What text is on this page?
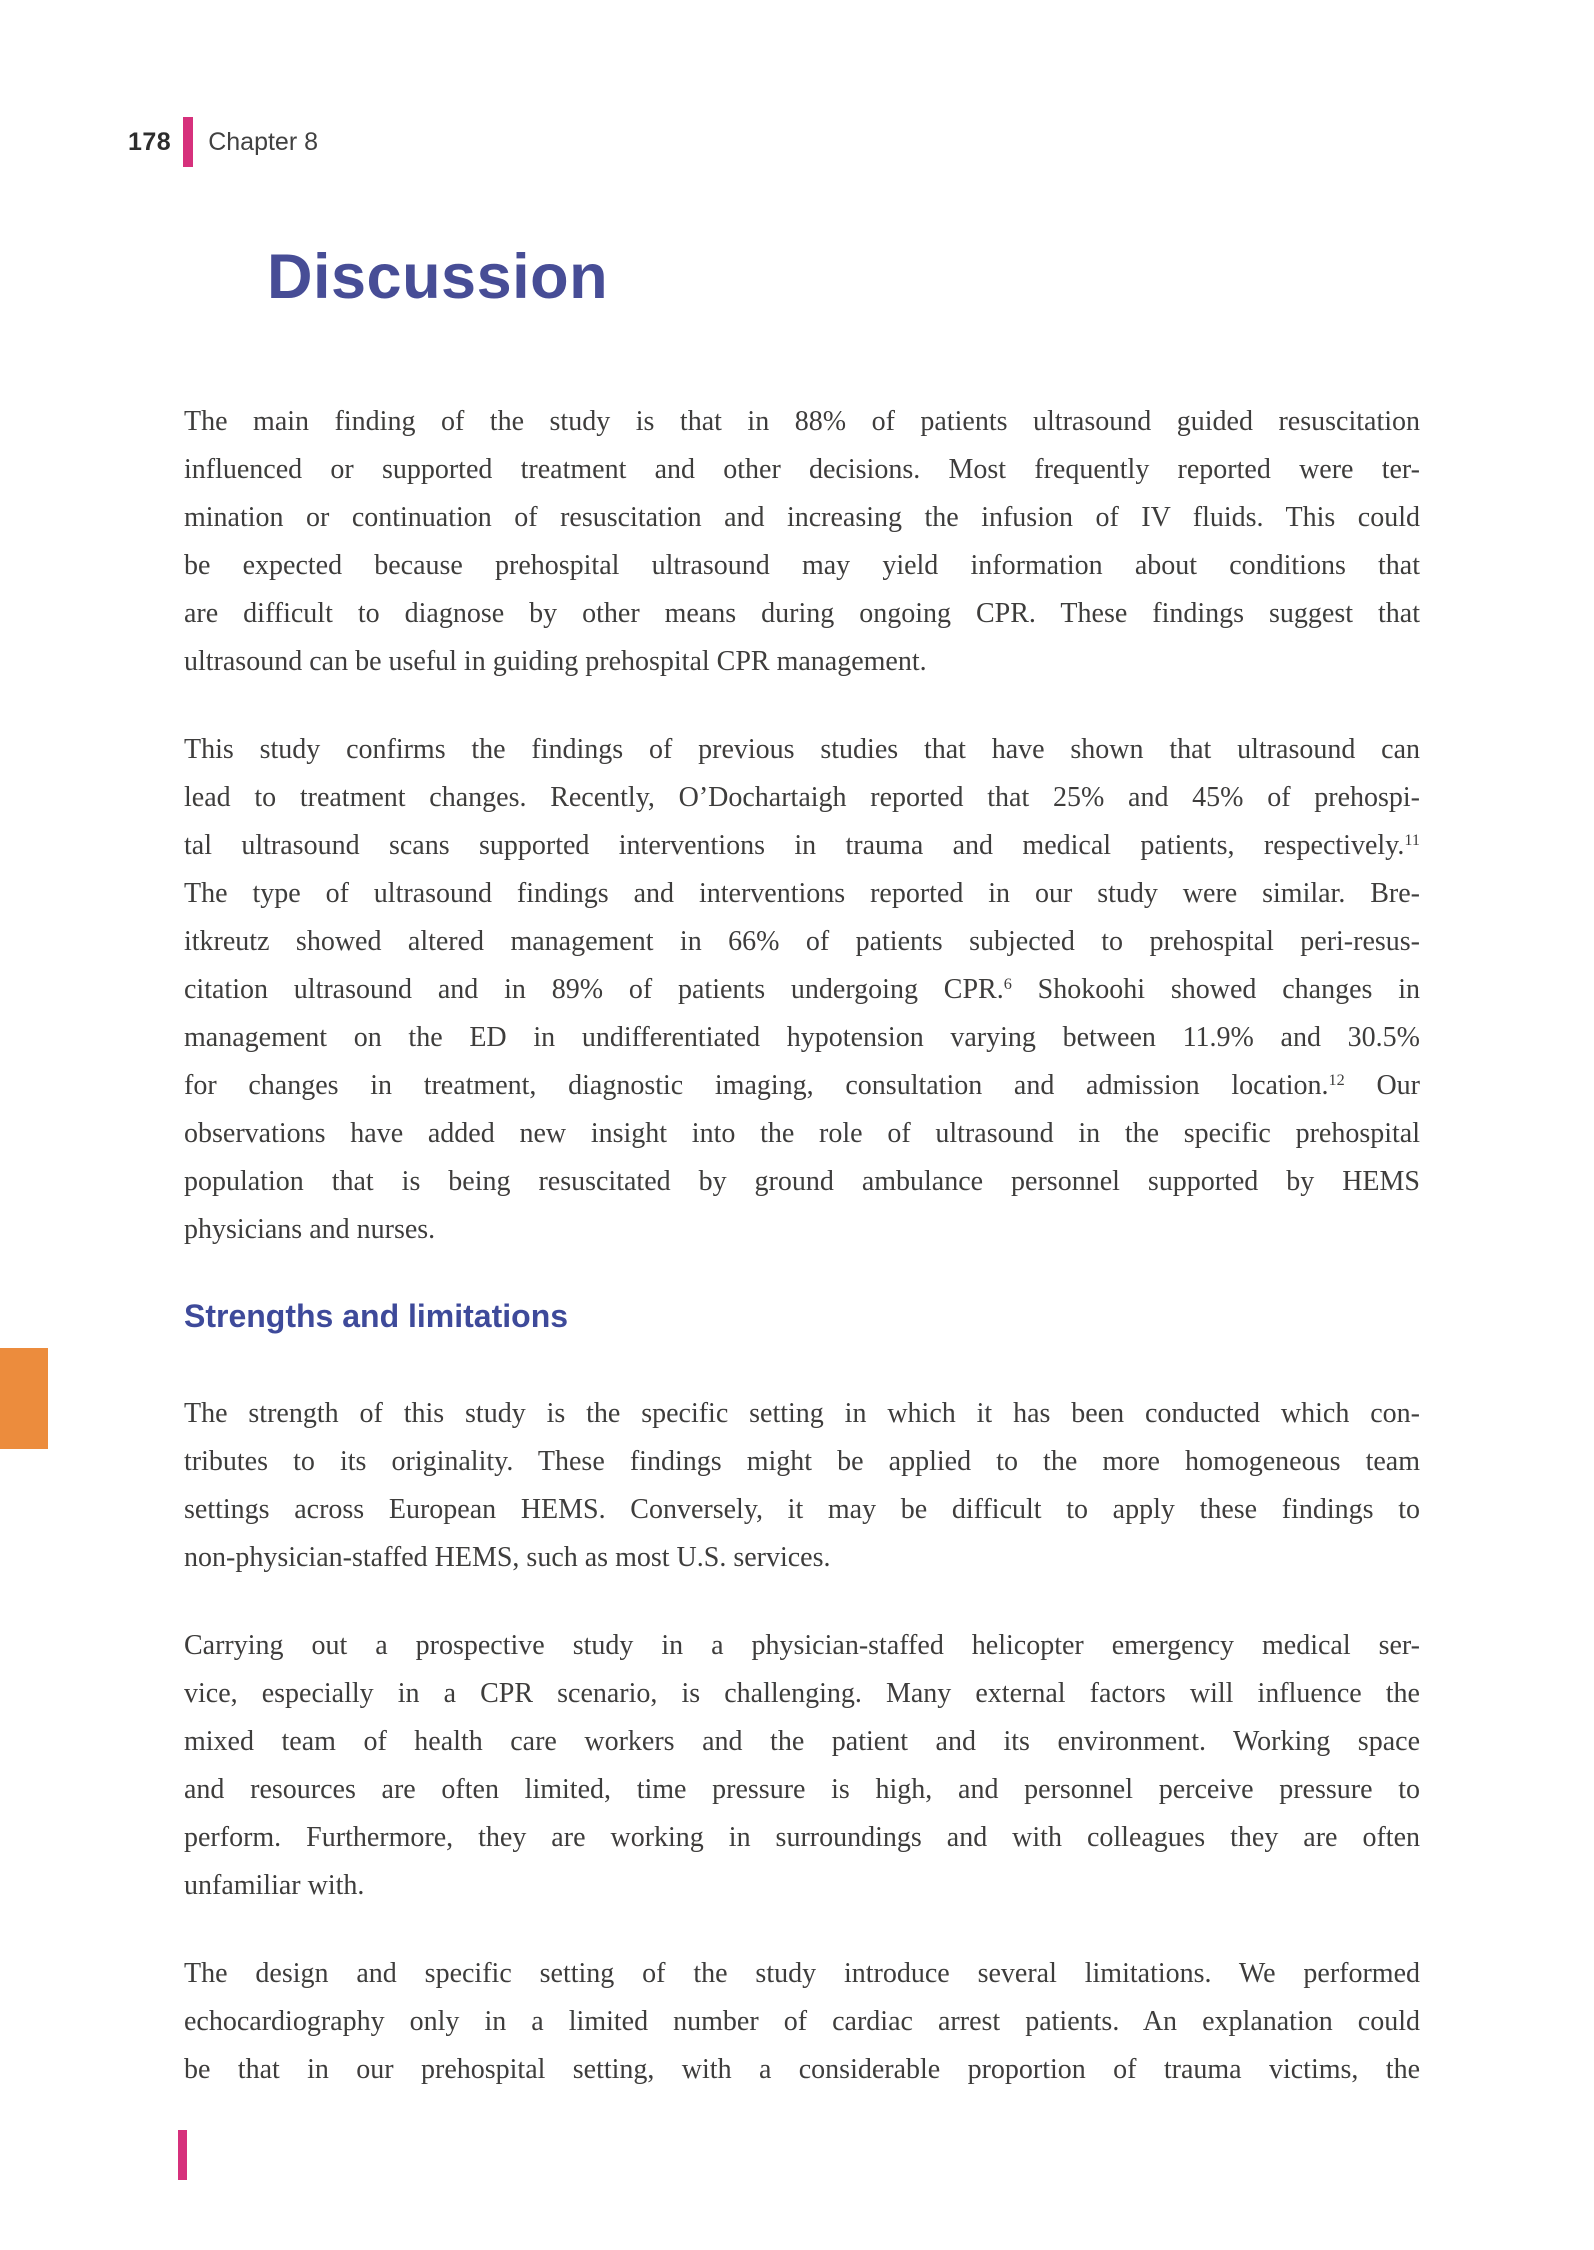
178 Chapter 8
Discussion
The main finding of the study is that in 88% of patients ultrasound guided resuscitation
influenced or supported treatment and other decisions. Most frequently reported were ter-
mination or continuation of resuscitation and increasing the infusion of IV fluids. This could
be expected because prehospital ultrasound may yield information about conditions that
are difficult to diagnose by other means during ongoing CPR. These findings suggest that
ultrasound can be useful in guiding prehospital CPR management.
This study confirms the findings of previous studies that have shown that ultrasound can
lead to treatment changes. Recently, O’Dochartaigh reported that 25% and 45% of prehospi-
tal ultrasound scans supported interventions in trauma and medical patients, respectively.$^{11}$
The type of ultrasound findings and interventions reported in our study were similar. Bre-
itkreutz showed altered management in 66% of patients subjected to prehospital peri-resus-
citation ultrasound and in 89% of patients undergoing CPR.$^6$ Shokoohi showed changes in
management on the ED in undifferentiated hypotension varying between 11.9% and 30.5%
for changes in treatment, diagnostic imaging, consultation and admission location.$^{12}$ Our
observations have added new insight into the role of ultrasound in the specific prehospital
population that is being resuscitated by ground ambulance personnel supported by HEMS
physicians and nurses.
Strengths and limitations
The strength of this study is the specific setting in which it has been conducted which con-
tributes to its originality. These findings might be applied to the more homogeneous team
settings across European HEMS. Conversely, it may be difficult to apply these findings to
non-physician-staffed HEMS, such as most U.S. services.
Carrying out a prospective study in a physician-staffed helicopter emergency medical ser-
vice, especially in a CPR scenario, is challenging. Many external factors will influence the
mixed team of health care workers and the patient and its environment. Working space
and resources are often limited, time pressure is high, and personnel perceive pressure to
perform. Furthermore, they are working in surroundings and with colleagues they are often
unfamiliar with.
The design and specific setting of the study introduce several limitations. We performed
echocardiography only in a limited number of cardiac arrest patients. An explanation could
be that in our prehospital setting, with a considerable proportion of trauma victims, the
